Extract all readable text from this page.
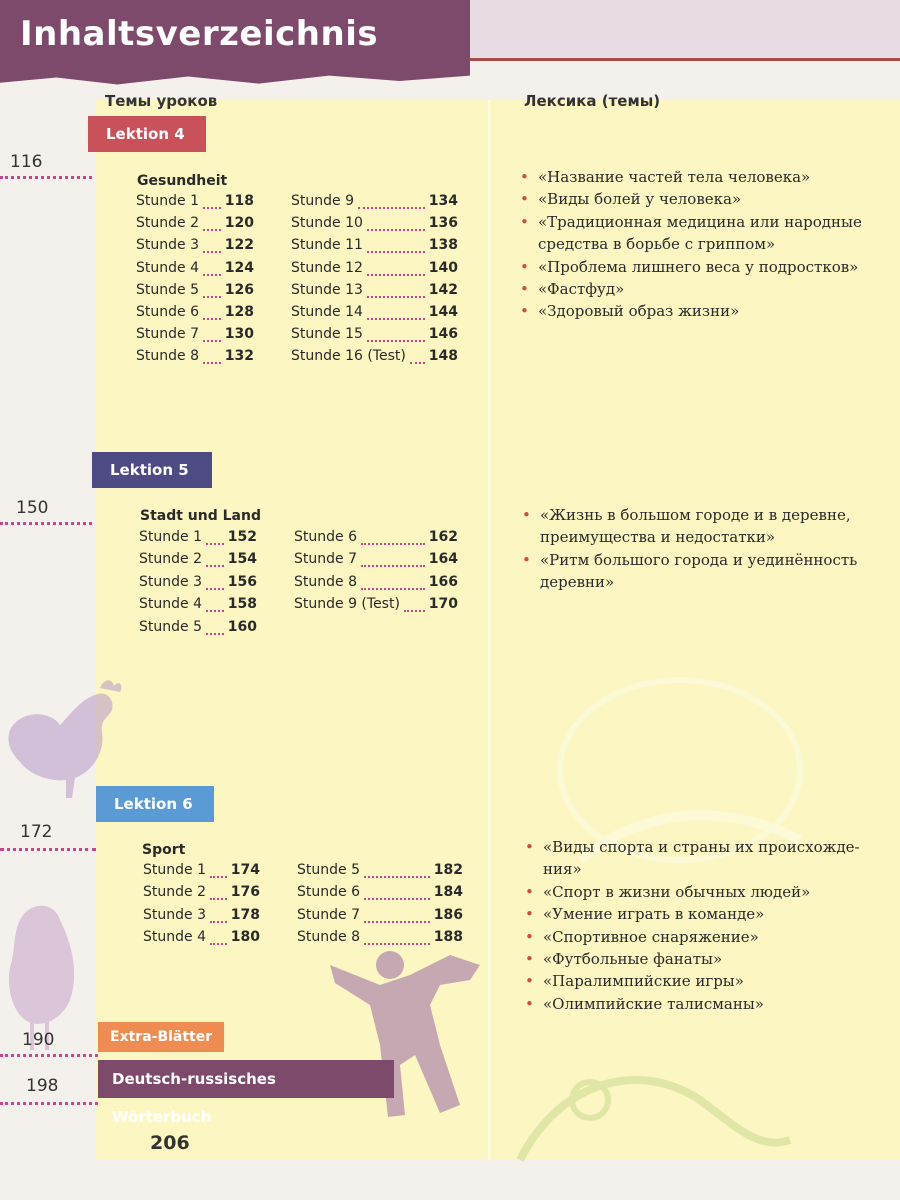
Inhaltsverzeichnis
Темы уроков	Лексика (темы)
116
Lektion 4
Gesundheit
Stunde 1 118
Stunde 2 120
Stunde 3 122
Stunde 4 124
Stunde 5 126
Stunde 6 128
Stunde 7 130
Stunde 8 132
Stunde 9	134
Stunde 10	136
Stunde 11	138
Stunde 12	140
Stunde 13	142
Stunde 14	144
Stunde 15	146
Stunde 16 (Test) 148

• «Название частей тела человека»

• «Виды болей у человека»

• «Традиционная медицина или народные средства в борьбе с гриппом»

• «Проблема лишнего веса у подростков»

• «Фастфуд»

• «Здоровый образ жизни»

150
Lektion 5
Stadt und Land
Stunde 1 152
Stunde 2 154
Stunde 3 156
Stunde 4 158
Stunde 5 160
Stunde 6	162
Stunde 7	164
Stunde 8	166
Stunde 9 (Test) 170

• «Жизнь в большом городе и в деревне, преимущества и недостатки»

• «Ритм большого города и уединённость деревни»

172
Lektion 6
Sport
Stunde 1 174
Stunde 2 176
Stunde 3 178
Stunde 4 180
Stunde 5	182
Stunde 6	184
Stunde 7	186
Stunde 8	188

• «Виды спорта и страны их происхожде- ния»

• «Спорт в жизни обычных людей»

• «Умение играть в команде»

• «Спортивное снаряжение»

• «Футбольные фанаты»

• «Паралимпийские игры»

• «Олимпийские талисманы»

190	Extra-Blätter
198	Deutsch-russisches Wörterbuch
206
